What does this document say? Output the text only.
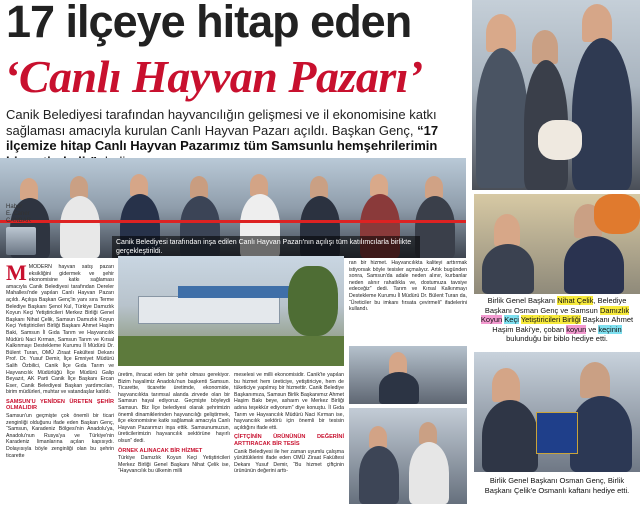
17 ilçeye hitap eden
‘Canlı Hayvan Pazarı’
Canik Belediyesi tarafından hayvancılığın gelişmesi ve il ekonomisine katkı sağlaması amacıyla kurulan Canlı Hayvan Pazarı açıldı. Başkan Genç, “17 ilçemize hitap Canlı Hayvan Pazarımız tüm Samsunlu hemşehrilerimin
Haber
E. Caner
CANBAR
Canik Belediyesi tarafından inşa edilen Canlı Hayvan Pazarı'nın açılışı tüm katılımcılarla birlikte gerçekleştirildi.
MMODERN hayvan satış pazarı eksikliğini gidermek ve şehir ekonomisine katkı sağlaması amacıyla Canik Belediyesi tarafından Dereler Mahallesi'nde yapılan Canlı Hayvan Pazarı açıldı. Açılışa Başkan Genç'in yanı sıra Terme Belediye Başkanı Şenol Kul, Türkiye Damızlık Koyun Keçi Yetiştiricileri Merkez Birliği Genel Başkanı Nihat Çelik, Samsun Damızlık Koyun Keçi Yetiştiricileri Birliği Başkanı Ahmet Haşim Baki, Samsun İl Gıda Tarım ve Hayvancılık Müdürü Naci Kırman, Samsun Tarım ve Kırsal Kalkınmayı Destekleme Kurumu İl Müdürü Dr. Bülent Turan, OMÜ Ziraat Fakültesi Dekanı Prof. Dr. Yusuf Demir, İlçe Emniyet Müdürü Salih Özbilici, Canik İlçe Gıda Tarım ve Hayvancılık Müdürlüğü İlçe Müdürü Galip Beyazıt, AK Parti Canik İlçe Başkanı Ercan Eser, Canik Belediyesi Başkan yardımcıları, birim müdürleri, muhtar ve vatandaşlar katıldı.
SAMSUN'U YENİDEN ÜRETEN ŞEHİR OLMALIDIR
Samsun'un geçmişte çok önemli bir ticari zenginliği olduğunu ifade eden Başkan Genç, “Samsun, Karadeniz Bölgesi'nin Anadolu'ya, Anadolu'nun Rusya'ya ve Türkiye'nin Karadeniz limanlarına açılan kapısıydı. Dolayısıyla böyle zenginliği olan bu şehrin ticarette
üretim, ihracat eden bir şehir olması gerekiyor. Bizim hayalimiz Anadolu'nun başkenti Samsun. Ticarette, ticarette üretimde, ekonomide, hayvancılıkta tarımsal alanda zirvede olan bir Samsun hayal ediyoruz. Geçmişte böyleydi Samsun. Biz İlçe belediyesi olarak şehrimizin önemli dinamiklerinden hayvancılığı geliştirmek, ilçe ekonomisine katkı sağlamak amacıyla Canlı Hayvan Pazarımızı inşa ettik. Samsunumuzun, üreticilerimizin hayvancılık sektörüne hayırlı olsun” dedi.
ÖRNEK ALINACAK BİR HİZMET
Türkiye Damızlık Koyun Keçi Yetiştiricileri Merkez Birliği Genel Başkanı Nihat Çelik ise, “Hayvancılık bu ülkenin milli
meselesi ve milli ekonomisidir. Canik'te yapılan bu hizmet hem üreticiye, yetiştiriciye, hem de tüketiciye yapılmış bir hizmettir. Canik Belediye Başkanımıza, Samsun Birlik Başkanımız Ahmet Haşim Bakı beye, ashaım ve Merkez Birliği adına teşekkür ediyorum” diye konuştu. İl Gıda Tarım ve Hayvancılık Müdürü Naci Kırman ise, hayvancılık sektörü için önemli bir tesisin açıldığını ifade etti.
ÇİFTÇİNİN ÜRÜNÜNÜN DEĞERİNİ ARTTIRACAK BİR TESİS
Canik Belediyesi ile her zaman uyumlu çalışma yürüttüklerini ifade eden OMÜ Ziraat Fakültesi Dekanı Yusuf Demir, “Bu hizmet çiftçinin ürününün değerini arttı-
ran bir hizmet. Hayvancılıkta kaliteyi arttırmak istiyorsak böyle tesisler açmalıyız. Artık bugünden sonra, Samsun'da adale neden alınır, kurbanlar neden alınır rahatlıkla ve, dostumuza tavsiye edeceğiz” dedi. Tarım ve Kırsal Kalkınmayı Destekleme Kurumu İl Müdürü Dr. Bülent Turan da, “Üreticiler bu imkanı fırsata çevirmeli” ifadelerini kullandı.
Birlik Genel Başkanı Nihat Çelik, Belediye Başkanı Osman Genç ve Samsun Damızlık Koyun Keçi Yetiştiricileri Birliği Başkanı Ahmet Haşim Baki'ye, çoban koyun ve keçinin bulunduğu bir biblo hediye etti.
Birlik Genel Başkanı Osman Genç, Birlik Başkanı Çelik'e Osmanlı kaftanı hediye etti.
